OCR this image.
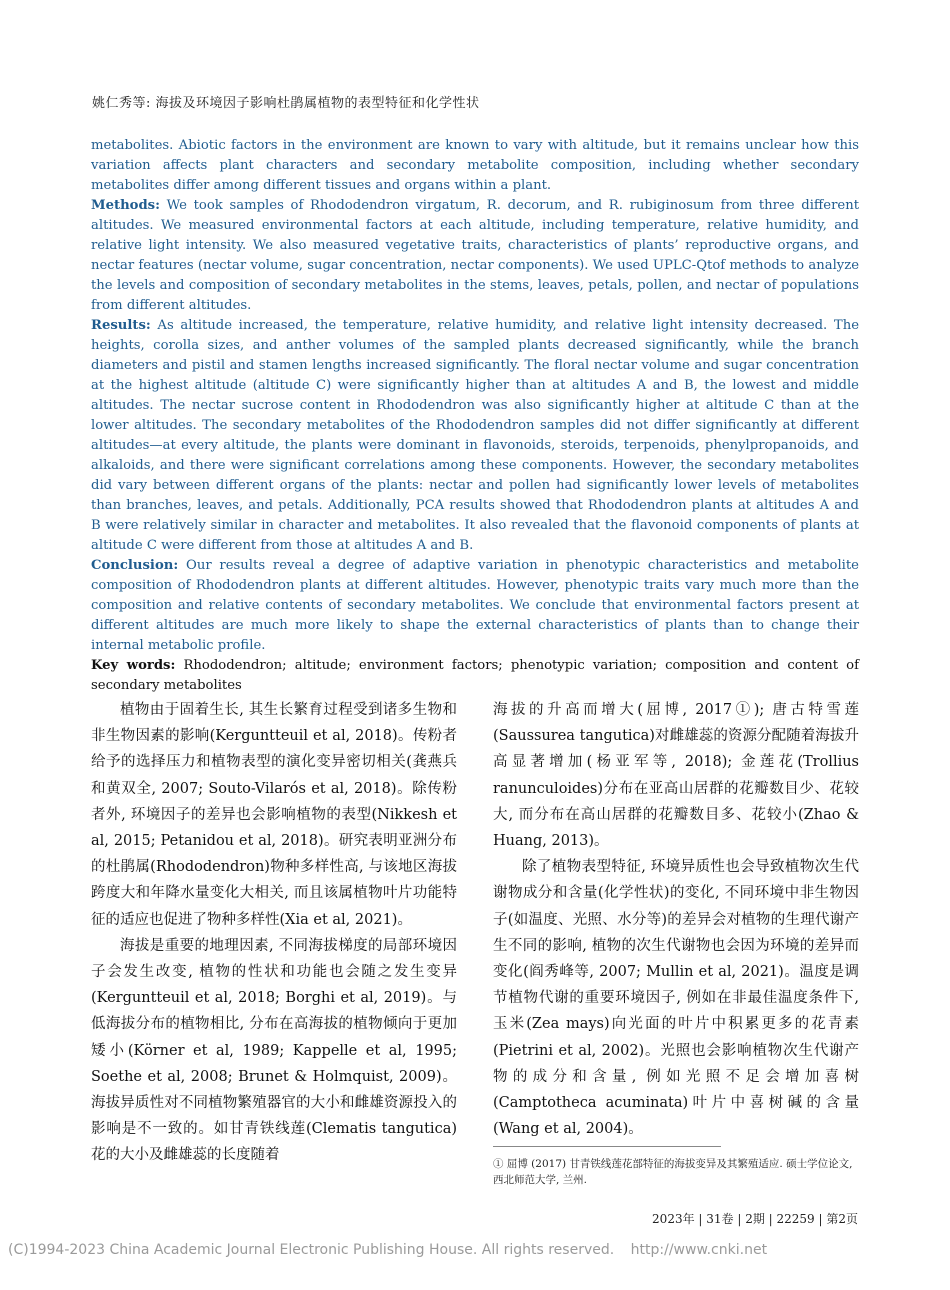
姚仁秀等: 海拔及环境因子影响杜鹃属植物的表型特征和化学性状

metabolites. Abiotic factors in the environment are known to vary with altitude, but it remains unclear how this variation affects plant characters and secondary metabolite composition, including whether secondary metabolites differ among different tissues and organs within a plant.

Methods: We took samples of Rhododendron virgatum, R. decorum, and R. rubiginosum from three different altitudes. We measured environmental factors at each altitude, including temperature, relative humidity, and relative light intensity. We also measured vegetative traits, characteristics of plants’ reproductive organs, and nectar features (nectar volume, sugar concentration, nectar components). We used UPLC-Qtof methods to analyze the levels and composition of secondary metabolites in the stems, leaves, petals, pollen, and nectar of populations from different altitudes.

Results: As altitude increased, the temperature, relative humidity, and relative light intensity decreased. The heights, corolla sizes, and anther volumes of the sampled plants decreased significantly, while the branch diameters and pistil and stamen lengths increased significantly. The floral nectar volume and sugar concentration at the highest altitude (altitude C) were significantly higher than at altitudes A and B, the lowest and middle altitudes. The nectar sucrose content in Rhododendron was also significantly higher at altitude C than at the lower altitudes. The secondary metabolites of the Rhododendron samples did not differ significantly at different altitudes—at every altitude, the plants were dominant in flavonoids, steroids, terpenoids, phenylpropanoids, and alkaloids, and there were significant correlations among these components. However, the secondary metabolites did vary between different organs of the plants: nectar and pollen had significantly lower levels of metabolites than branches, leaves, and petals. Additionally, PCA results showed that Rhododendron plants at altitudes A and B were relatively similar in character and metabolites. It also revealed that the flavonoid components of plants at altitude C were different from those at altitudes A and B.

Conclusion: Our results reveal a degree of adaptive variation in phenotypic characteristics and metabolite composition of Rhododendron plants at different altitudes. However, phenotypic traits vary much more than the composition and relative contents of secondary metabolites. We conclude that environmental factors present at different altitudes are much more likely to shape the external characteristics of plants than to change their internal metabolic profile.

Key words: Rhododendron; altitude; environment factors; phenotypic variation; composition and content of secondary metabolites

植物由于固着生长, 其生长繁育过程受到诸多生物和非生物因素的影响(Kerguntteuil et al, 2018)。传粉者给予的选择压力和植物表型的演化变异密切相关(龚燕兵和黄双全, 2007; Souto-Vilarós et al, 2018)。除传粉者外, 环境因子的差异也会影响植物的表型(Nikkesh et al, 2015; Petanidou et al, 2018)。研究表明亚洲分布的杜鹃属(Rhododendron)物种多样性高, 与该地区海拔跨度大和年降水量变化大相关, 而且该属植物叶片功能特征的适应也促进了物种多样性(Xia et al, 2021)。

海拔是重要的地理因素, 不同海拔梯度的局部环境因子会发生改变, 植物的性状和功能也会随之发生变异(Kerguntteuil et al, 2018; Borghi et al, 2019)。与低海拔分布的植物相比, 分布在高海拔的植物倾向于更加矮小(Körner et al, 1989; Kappelle et al, 1995; Soethe et al, 2008; Brunet & Holmquist, 2009)。海拔异质性对不同植物繁殖器官的大小和雌雄资源投入的影响是不一致的。如甘青铁线莲(Clematis tangutica)花的大小及雌雄蕊的长度随着

海拔的升高而增大(屈博, 2017①); 唐古特雪莲(Saussurea tangutica)对雌雄蕊的资源分配随着海拔升高显著增加(杨亚军等, 2018); 金莲花(Trollius ranunculoides)分布在亚高山居群的花瓣数目少、花较大, 而分布在高山居群的花瓣数目多、花较小(Zhao & Huang, 2013)。

除了植物表型特征, 环境异质性也会导致植物次生代谢物成分和含量(化学性状)的变化, 不同环境中非生物因子(如温度、光照、水分等)的差异会对植物的生理代谢产生不同的影响, 植物的次生代谢物也会因为环境的差异而变化(阎秀峰等, 2007; Mullin et al, 2021)。温度是调节植物代谢的重要环境因子, 例如在非最佳温度条件下, 玉米(Zea mays)向光面的叶片中积累更多的花青素(Pietrini et al, 2002)。光照也会影响植物次生代谢产物的成分和含量, 例如光照不足会增加喜树(Camptotheca acuminata)叶片中喜树碱的含量(Wang et al, 2004)。

① 屈博 (2017) 甘青铁线莲花部特征的海拔变异及其繁殖适应. 硕士学位论文, 西北师范大学, 兰州.
2023年 | 31卷 | 2期 | 22259 | 第2页
(C)1994-2023 China Academic Journal Electronic Publishing House. All rights reserved. http://www.cnki.net
